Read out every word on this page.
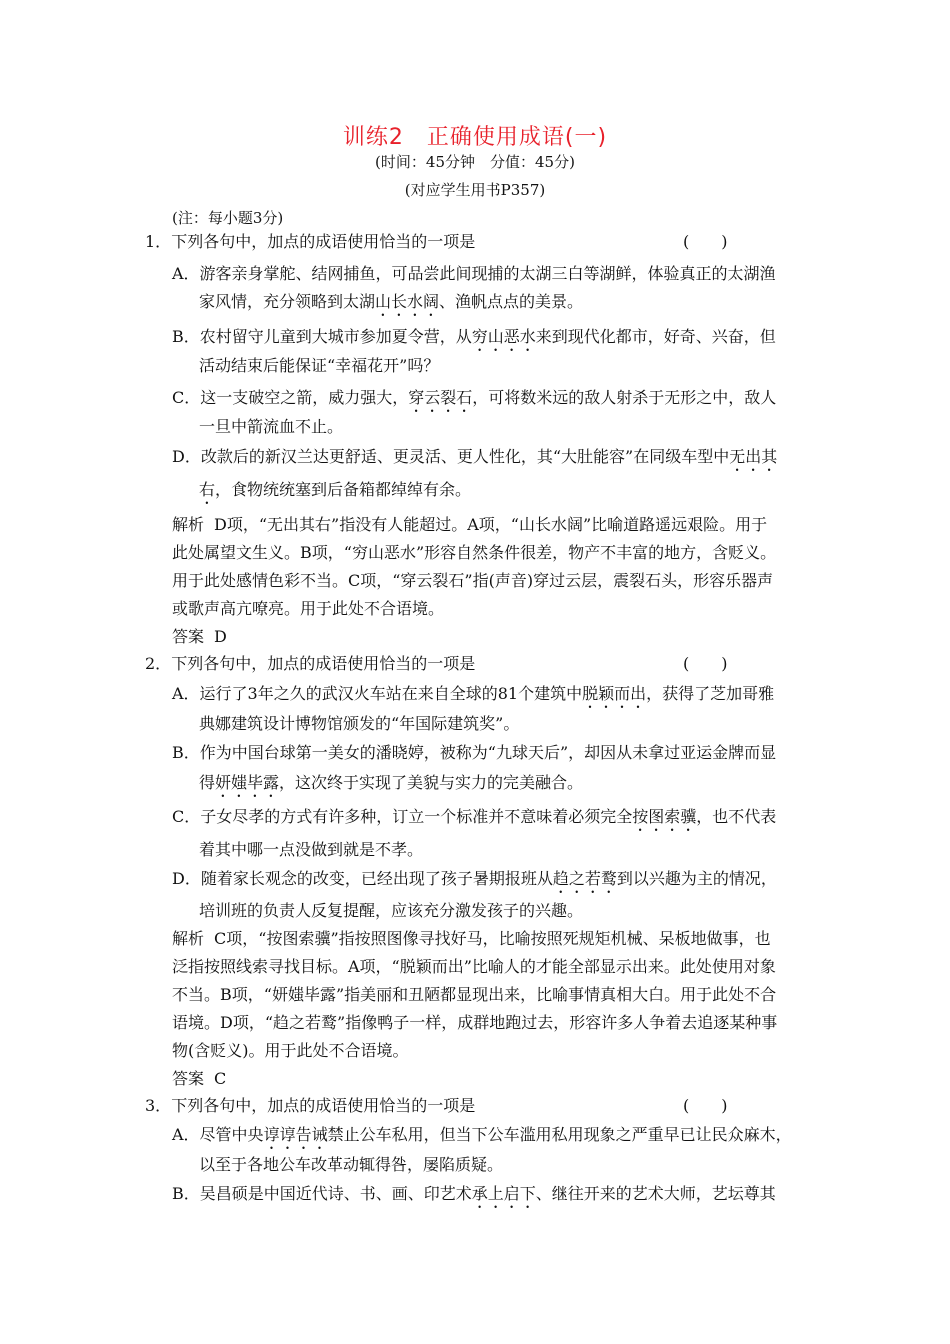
训练2　正确使用成语(一)
(时间：45分钟　分值：45分)
(对应学生用书P357)
(注：每小题3分)
1．下列各句中，加点的成语使用恰当的一项是	(　　)
A．游客亲身掌舵、结网捕鱼，可品尝此间现捕的太湖三白等湖鲜，体验真正的太湖渔
家风情，充分领略到太湖山长水阔、渔帆点点的美景。
B．农村留守儿童到大城市参加夏令营，从穷山恶水来到现代化都市，好奇、兴奋，但
活动结束后能保证“幸福花开”吗？
C．这一支破空之箭，威力强大，穿云裂石，可将数米远的敌人射杀于无形之中，敌人
一旦中箭流血不止。
D．改款后的新汉兰达更舒适、更灵活、更人性化，其“大肚能容”在同级车型中无出其
右，食物统统塞到后备箱都绰绰有余。
解析 D项，“无出其右”指没有人能超过。A项，“山长水阔”比喻道路遥远艰险。用于
此处属望文生义。B项，“穷山恶水”形容自然条件很差，物产不丰富的地方，含贬义。
用于此处感情色彩不当。C项，“穿云裂石”指(声音)穿过云层，震裂石头，形容乐器声
或歌声高亢嘹亮。用于此处不合语境。
答案 D
2．下列各句中，加点的成语使用恰当的一项是	(　　)
A．运行了3年之久的武汉火车站在来自全球的81个建筑中脱颖而出，获得了芝加哥雅
典娜建筑设计博物馆颁发的“年国际建筑奖”。
B．作为中国台球第一美女的潘晓婷，被称为“九球天后”，却因从未拿过亚运金牌而显
得妍媸毕露，这次终于实现了美貌与实力的完美融合。
C．子女尽孝的方式有许多种，订立一个标准并不意味着必须完全按图索骥，也不代表
着其中哪一点没做到就是不孝。
D．随着家长观念的改变，已经出现了孩子暑期报班从趋之若鹜到以兴趣为主的情况，
培训班的负责人反复提醒，应该充分激发孩子的兴趣。
解析 C项，“按图索骥”指按照图像寻找好马，比喻按照死规矩机械、呆板地做事，也
泛指按照线索寻找目标。A项，“脱颖而出”比喻人的才能全部显示出来。此处使用对象
不当。B项，“妍媸毕露”指美丽和丑陋都显现出来，比喻事情真相大白。用于此处不合
语境。D项，“趋之若鹜”指像鸭子一样，成群地跑过去，形容许多人争着去追逐某种事
物(含贬义)。用于此处不合语境。
答案 C
3．下列各句中，加点的成语使用恰当的一项是	(　　)
A．尽管中央谆谆告诫禁止公车私用，但当下公车滥用私用现象之严重早已让民众麻木，
以至于各地公车改革动辄得咎，屡陷质疑。
B．吴昌硕是中国近代诗、书、画、印艺术承上启下、继往开来的艺术大师，艺坛尊其
